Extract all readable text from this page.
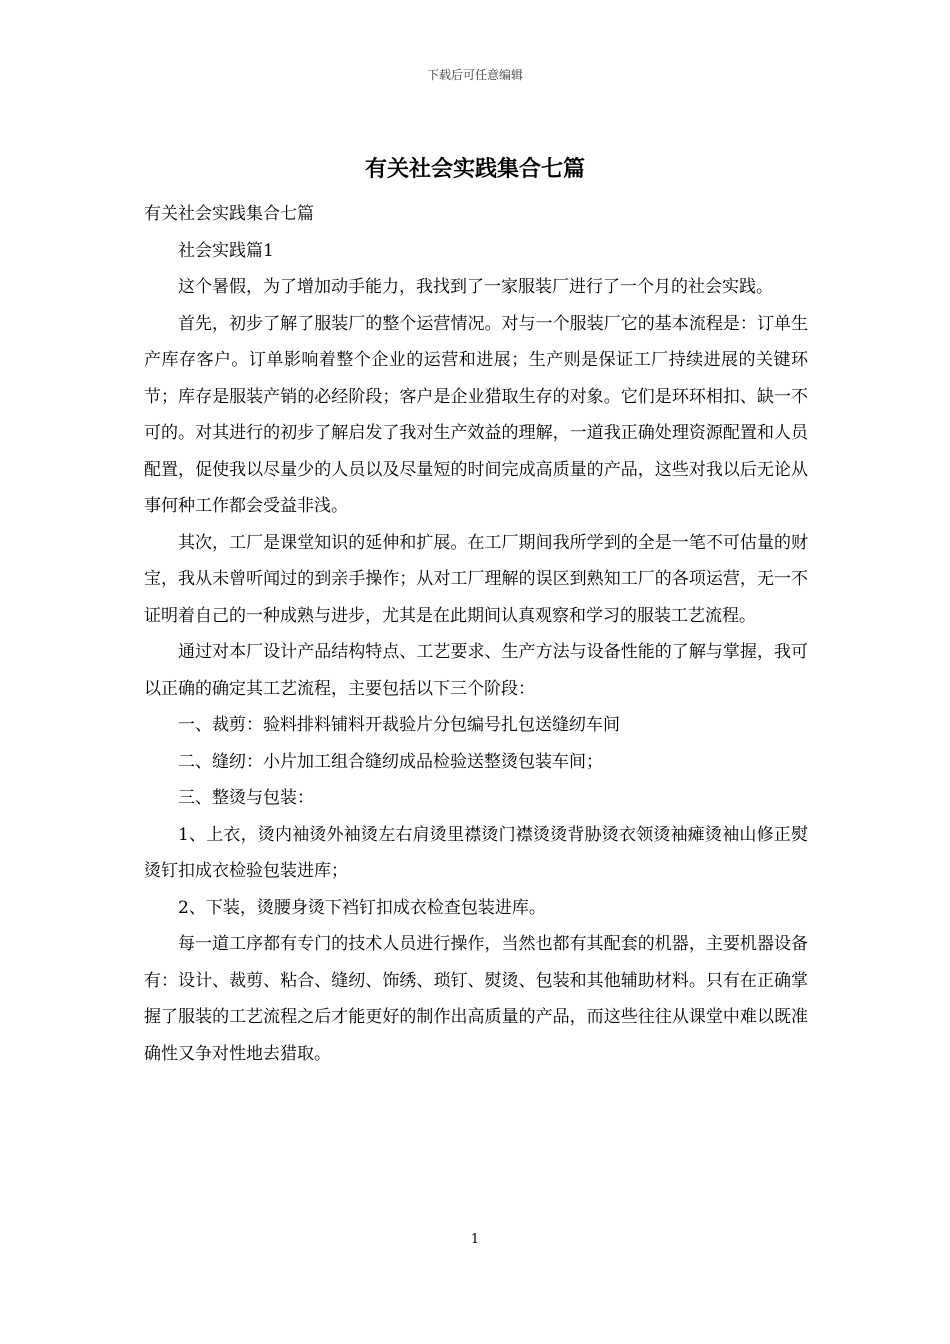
下载后可任意编辑
有关社会实践集合七篇

有关社会实践集合七篇

社会实践篇1

这个暑假，为了增加动手能力，我找到了一家服装厂进行了一个月的社会实践。

首先，初步了解了服装厂的整个运营情况。对与一个服装厂它的基本流程是：订单生产库存客户。订单影响着整个企业的运营和进展；生产则是保证工厂持续进展的关键环节；库存是服装产销的必经阶段；客户是企业猎取生存的对象。它们是环环相扣、缺一不可的。对其进行的初步了解启发了我对生产效益的理解，一道我正确处理资源配置和人员配置，促使我以尽量少的人员以及尽量短的时间完成高质量的产品，这些对我以后无论从事何种工作都会受益非浅。

其次，工厂是课堂知识的延伸和扩展。在工厂期间我所学到的全是一笔不可估量的财宝，我从未曾听闻过的到亲手操作；从对工厂理解的误区到熟知工厂的各项运营，无一不证明着自己的一种成熟与进步，尤其是在此期间认真观察和学习的服装工艺流程。

通过对本厂设计产品结构特点、工艺要求、生产方法与设备性能的了解与掌握，我可以正确的确定其工艺流程，主要包括以下三个阶段：

一、裁剪：验料排料铺料开裁验片分包编号扎包送缝纫车间

二、缝纫：小片加工组合缝纫成品检验送整烫包装车间；

三、整烫与包装：

1、上衣，烫内袖烫外袖烫左右肩烫里襟烫门襟烫烫背胁烫衣领烫袖瘫烫袖山修正熨烫钉扣成衣检验包装进库；

2、下装，烫腰身烫下裆钉扣成衣检查包装进库。

每一道工序都有专门的技术人员进行操作，当然也都有其配套的机器，主要机器设备有：设计、裁剪、粘合、缝纫、饰绣、琐钉、熨烫、包装和其他辅助材料。只有在正确掌握了服装的工艺流程之后才能更好的制作出高质量的产品，而这些往往从课堂中难以既准确性又争对性地去猎取。

1
